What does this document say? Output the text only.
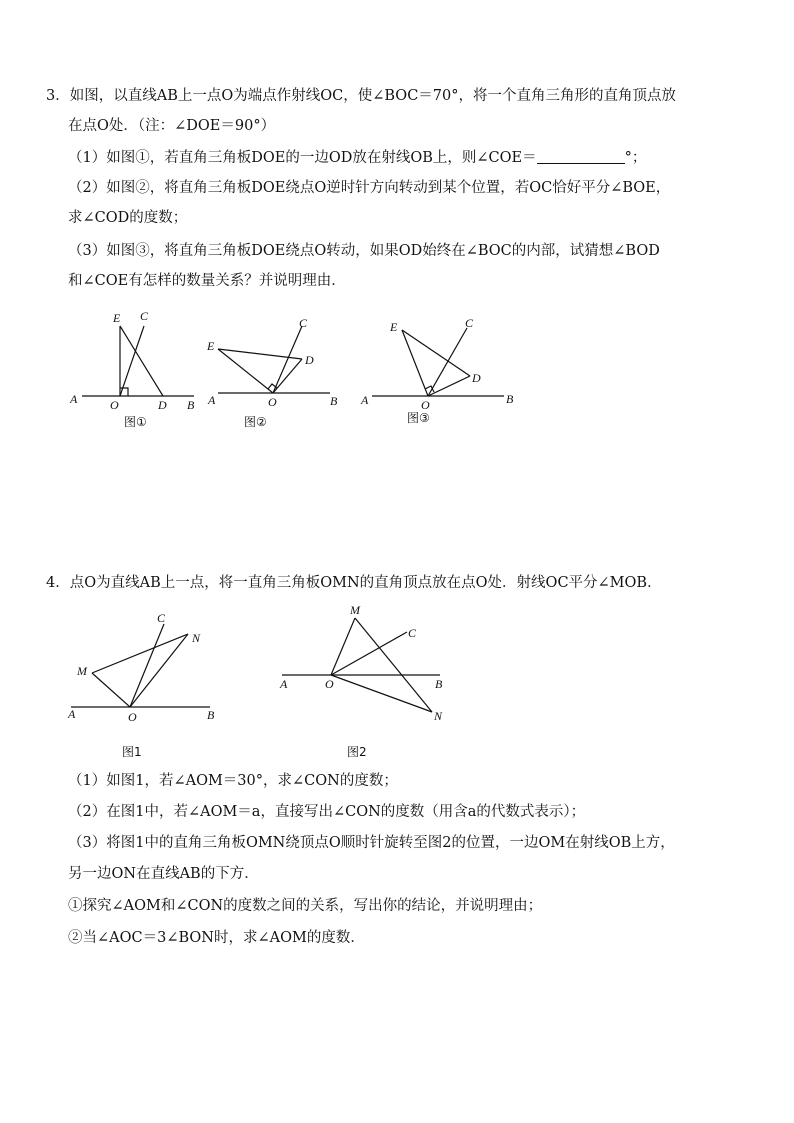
3．如图，以直线AB上一点O为端点作射线OC，使∠BOC＝70°，将一个直角三角形的直角顶点放
在点O处．（注：∠DOE＝90°）
（1）如图①，若直角三角板DOE的一边OD放在射线OB上，则∠COE＝	°；
（2）如图②，将直角三角板DOE绕点O逆时针方向转动到某个位置，若OC恰好平分∠BOE，
求∠COD的度数；
（3）如图③，将直角三角板DOE绕点O转动，如果OD始终在∠BOC的内部，试猜想∠BOD
和∠COE有怎样的数量关系？并说明理由．
4．点O为直线AB上一点，将一直角三角板OMN的直角顶点放在点O处．射线OC平分∠MOB．
（1）如图1，若∠AOM＝30°，求∠CON的度数；
（2）在图1中，若∠AOM＝a，直接写出∠CON的度数（用含a的代数式表示）；
（3）将图1中的直角三角板OMN绕顶点O顺时针旋转至图2的位置，一边OM在射线OB上方，
另一边ON在直线AB的下方．
①探究∠AOM和∠CON的度数之间的关系，写出你的结论，并说明理由；
②当∠AOC＝3∠BON时，求∠AOM的度数．
E C
A	O	D B
图①
C
E
D
A	O	B
图②
E	C
D
A	O	B
图③
C
N
M
A	O	B
图1
M
C
A	O	B
N
图2
